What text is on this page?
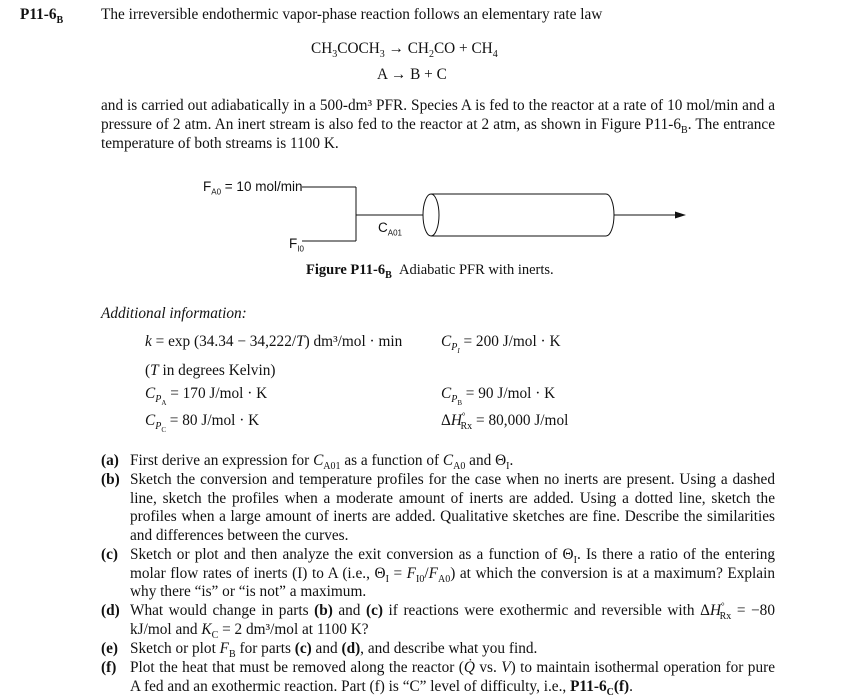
$P11-6_B$ The irreversible endothermic vapor-phase reaction follows an elementary rate law
$CH_3COCH_3 \to CH_2CO + CH_4$
A → B + C
and is carried out adiabatically in a 500-dm³ PFR. Species A is fed to the reactor at a rate of 10 mol/min and a pressure of 2 atm. An inert stream is also fed to the reactor at 2 atm, as shown in Figure $P11-6_B$. The entrance temperature of both streams is 1100 K.
$F_{A0} = 10$ mol/min
$F_{I0}$
$C_{A01}$
Figure $P11-6_B$ Adiabatic PFR with inerts.
Additional information:
k = exp (34.34 − 34,222/T) dm³/mol · min	$C_{P_I} = 200$ J/mol · K
(T in degrees Kelvin)
$C_{P_A} = 170$ J/mol · K	$C_{P_B} = 90$ J/mol · K
$C_{P_C} = 80$ J/mol · K	$\Delta H^\circ_{Rx} = 80,000$ J/mol
(a) First derive an expression for $C_{A01}$ as a function of $C_{A0}$ and $\Theta_I$.
(b) Sketch the conversion and temperature profiles for the case when no inerts are present. Using a dashed line, sketch the profiles when a moderate amount of inerts are added. Using a dotted line, sketch the profiles when a large amount of inerts are added. Qualitative sketches are fine. Describe the similarities and differences between the curves.
(c) Sketch or plot and then analyze the exit conversion as a function of $\Theta_I$. Is there a ratio of the entering molar flow rates of inerts (I) to A (i.e., $\Theta_I = F_{I0}/F_{A0}$) at which the conversion is at a maximum? Explain why there “is” or “is not” a maximum.
(d) What would change in parts (b) and (c) if reactions were exothermic and reversible with $\Delta H^\circ_{Rx} = -80$ kJ/mol and $K_C = 2$ dm³/mol at 1100 K?
(e) Sketch or plot $F_B$ for parts (c) and (d), and describe what you find.
(f) Plot the heat that must be removed along the reactor (Q̇ vs. V) to maintain isothermal operation for pure A fed and an exothermic reaction. Part (f) is “C” level of difficulty, i.e., $P11-6_C(f)$.
